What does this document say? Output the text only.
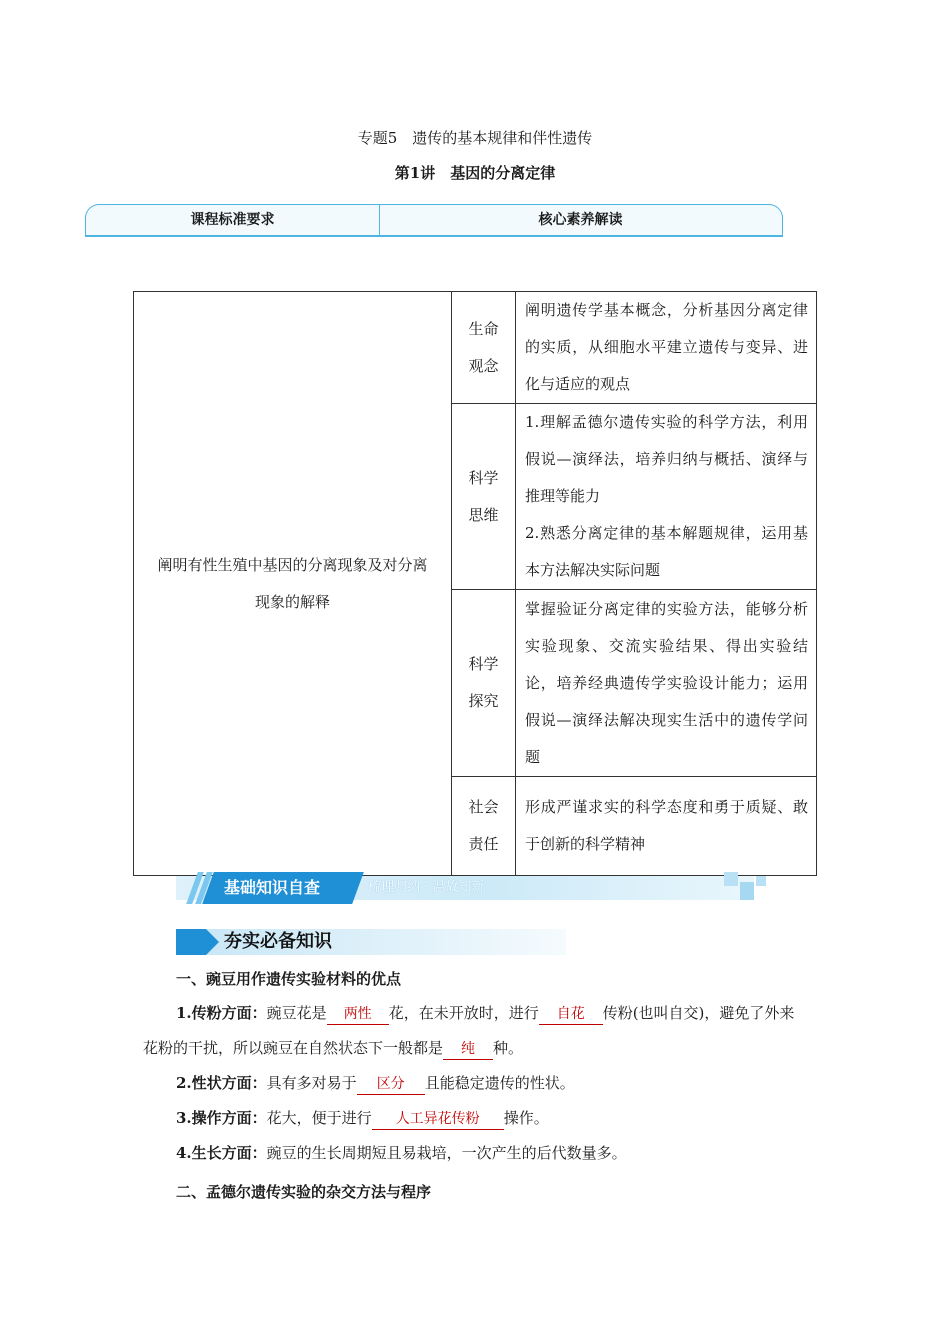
专题5　遗传的基本规律和伴性遗传
第1讲　基因的分离定律
课程标准要求	核心素养解读
阐明有性生殖中基因的分离现象及对分离现象的解释	生命观念	阐明遗传学基本概念，分析基因分离定律的实质，从细胞水平建立遗传与变异、进化与适应的观点
	科学思维	1.理解孟德尔遗传实验的科学方法，利用假说—演绎法，培养归纳与概括、演绎与推理等能力
2.熟悉分离定律的基本解题规律，运用基本方法解决实际问题

	科学探究	掌握验证分离定律的实验方法，能够分析实验现象、交流实验结果、得出实验结论，培养经典遗传学实验设计能力；运用假说—演绎法解决现实生活中的遗传学问题
	社会责任	形成严谨求实的科学态度和勇于质疑、敢于创新的科学精神
基础知识自查	梳理归纳 · 温故知新
夯实必备知识
一、豌豆用作遗传实验材料的优点
1.传粉方面：豌豆花是 两性 花，在未开放时，进行 自花 传粉(也叫自交)，避免了外来花粉的干扰，所以豌豆在自然状态下一般都是 纯 种。
2.性状方面：具有多对易于 区分 且能稳定遗传的性状。
3.操作方面：花大，便于进行 人工异花传粉 操作。
4.生长方面：豌豆的生长周期短且易栽培，一次产生的后代数量多。
二、孟德尔遗传实验的杂交方法与程序
